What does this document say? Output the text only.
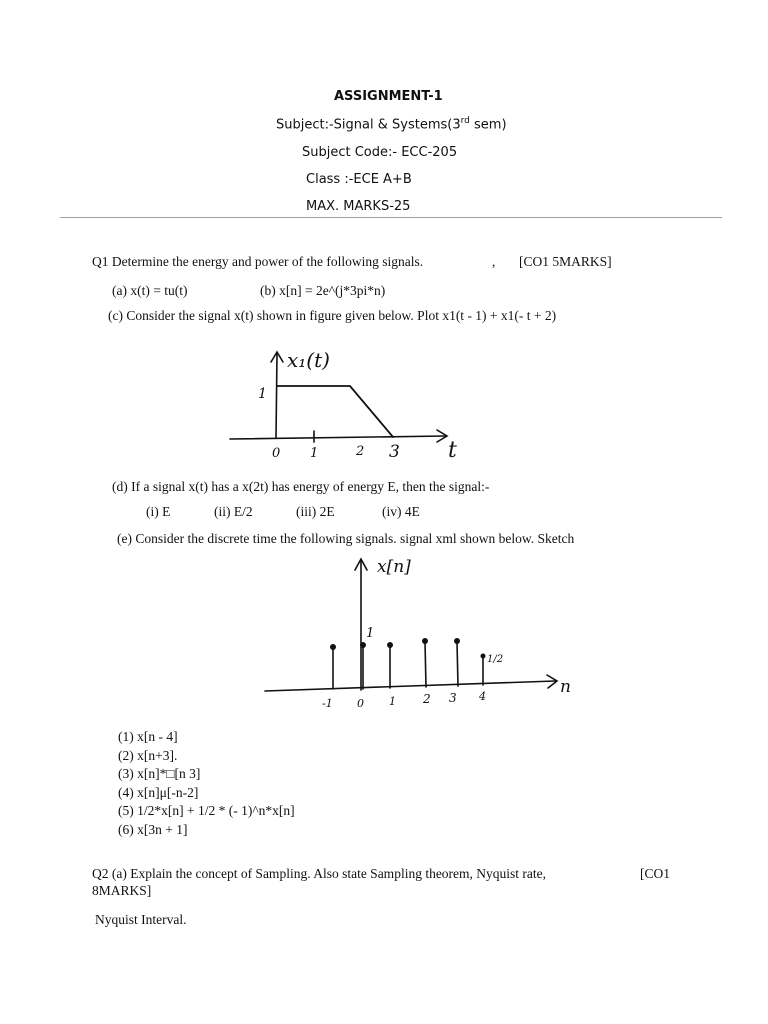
ASSIGNMENT-1
Subject:-Signal & Systems(3rd sem)
Subject Code:- ECC-205
Class :-ECE A+B
MAX. MARKS-25
Q1 Determine the energy and power of the following signals.	, [CO1 5MARKS]
(a) x(t) = tu(t)	(b) x[n] = 2e^(j*3pi*n)
(c) Consider the signal x(t) shown in figure given below. Plot x1(t - 1) + x1(- t + 2)
x₁(t)
t
1
0 1	2 3
(d) If a signal x(t) has a x(2t) has energy of energy E, then the signal:-
(i) E	(ii) E/2	(iii) 2E	(iv) 4E
(e) Consider the discrete time the following signals. signal xml shown below. Sketch
x[n]
n
1
1/2
-1 0 1 2 3 4
(1) x[n - 4]
(2) x[n+3].
(3) x[n]*□[n 3]
(4) x[n]μ[-n-2]
(5) 1/2*x[n] + 1/2 * (- 1)^n*x[n]
(6) x[3n + 1]
Q2 (a) Explain the concept of Sampling. Also state Sampling theorem, Nyquist rate,	[CO1
8MARKS]
Nyquist Interval.
